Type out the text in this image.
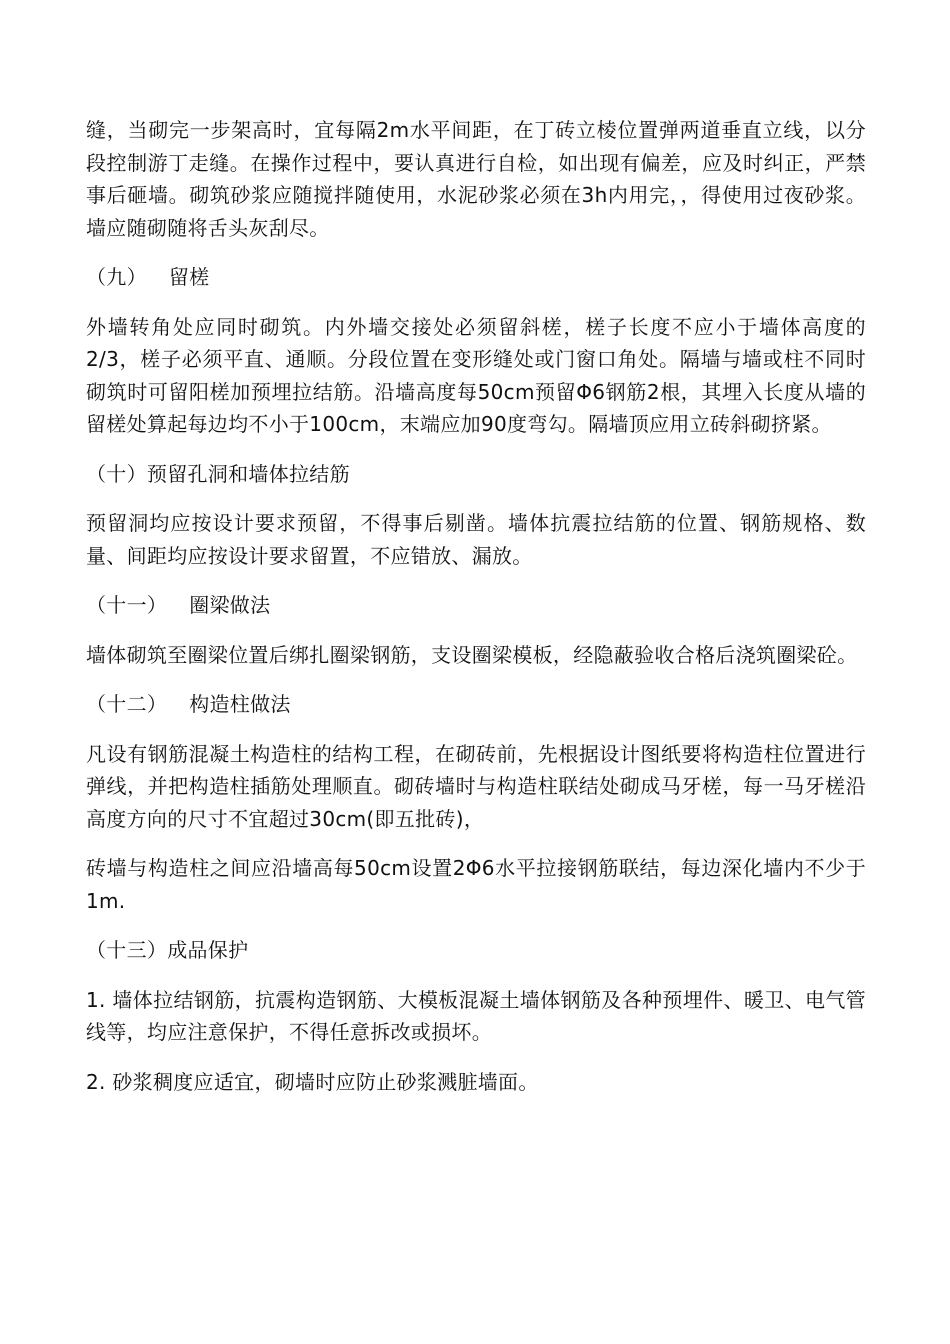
缝，当砌完一步架高时，宜每隔2m水平间距，在丁砖立棱位置弹两道垂直立线，以分段控制游丁走缝。在操作过程中，要认真进行自检，如出现有偏差，应及时纠正，严禁事后砸墙。砌筑砂浆应随搅拌随使用，水泥砂浆必须在3h内用完，，得使用过夜砂浆。墙应随砌随将舌头灰刮尽。

（九） 留槎

外墙转角处应同时砌筑。内外墙交接处必须留斜槎，槎子长度不应小于墙体高度的2/3，槎子必须平直、通顺。分段位置在变形缝处或门窗口角处。隔墙与墙或柱不同时砌筑时可留阳槎加预埋拉结筋。沿墙高度每50cm预留Φ6钢筋2根，其埋入长度从墙的留槎处算起每边均不小于100cm，末端应加90度弯勾。隔墙顶应用立砖斜砌挤紧。

（十）预留孔洞和墙体拉结筋

预留洞均应按设计要求预留，不得事后剔凿。墙体抗震拉结筋的位置、钢筋规格、数量、间距均应按设计要求留置，不应错放、漏放。

（十一） 圈梁做法

墙体砌筑至圈梁位置后绑扎圈梁钢筋，支设圈梁模板，经隐蔽验收合格后浇筑圈梁砼。

（十二） 构造柱做法

凡设有钢筋混凝土构造柱的结构工程，在砌砖前，先根据设计图纸要将构造柱位置进行弹线，并把构造柱插筋处理顺直。砌砖墙时与构造柱联结处砌成马牙槎，每一马牙槎沿高度方向的尺寸不宜超过30cm(即五批砖)，

砖墙与构造柱之间应沿墙高每50cm设置2Φ6水平拉接钢筋联结，每边深化墙内不少于1m.

（十三）成品保护

1. 墙体拉结钢筋，抗震构造钢筋、大模板混凝土墙体钢筋及各种预埋件、暖卫、电气管线等，均应注意保护，不得任意拆改或损坏。

2. 砂浆稠度应适宜，砌墙时应防止砂浆溅脏墙面。
